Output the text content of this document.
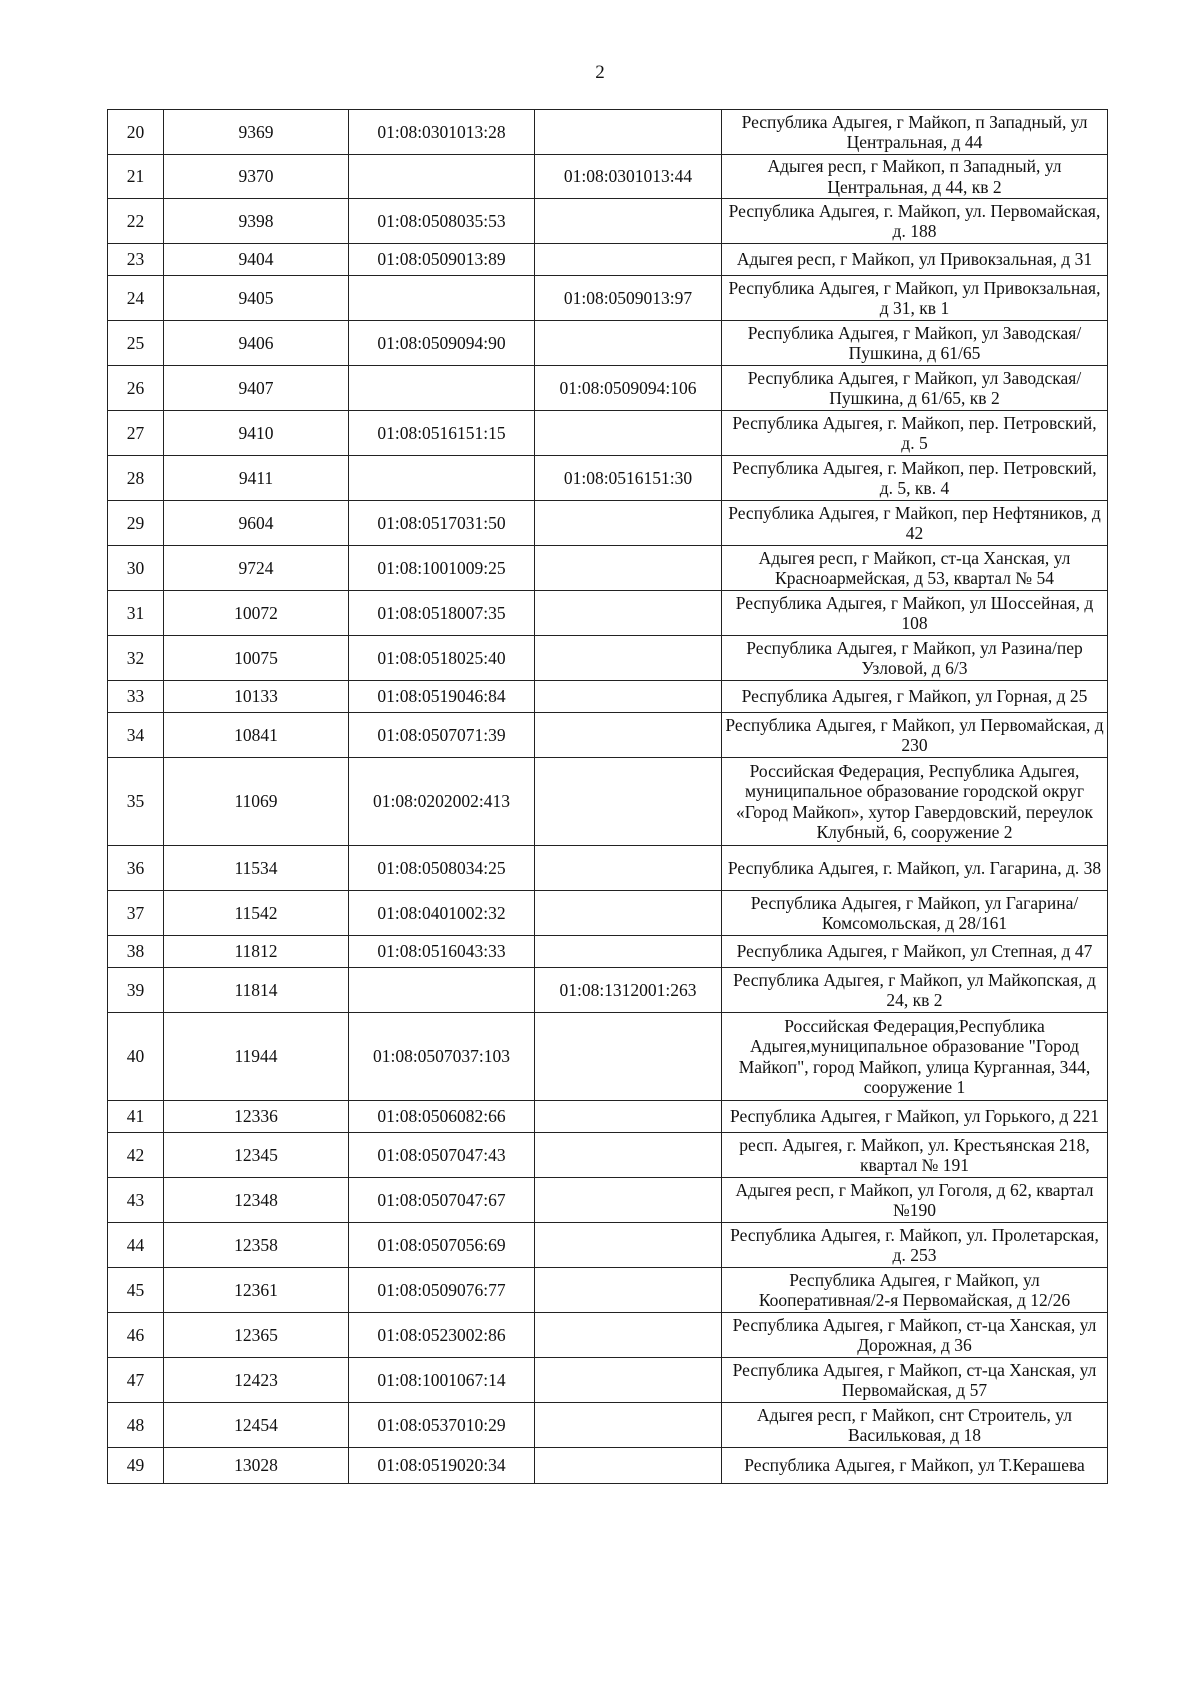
2
20	9369	01:08:0301013:28		Республика Адыгея, г Майкоп, п Западный, ул Центральная, д 44
21	9370		01:08:0301013:44	Адыгея респ, г Майкоп, п Западный, ул Центральная, д 44, кв 2
22	9398	01:08:0508035:53		Республика Адыгея, г. Майкоп, ул. Первомайская, д. 188
23	9404	01:08:0509013:89		Адыгея респ, г Майкоп, ул Привокзальная, д 31
24	9405		01:08:0509013:97	Республика Адыгея, г Майкоп, ул Привокзальная, д 31, кв 1
25	9406	01:08:0509094:90		Республика Адыгея, г Майкоп, ул Заводская/Пушкина, д 61/65
26	9407		01:08:0509094:106	Республика Адыгея, г Майкоп, ул Заводская/Пушкина, д 61/65, кв 2
27	9410	01:08:0516151:15		Республика Адыгея, г. Майкоп, пер. Петровский, д. 5
28	9411		01:08:0516151:30	Республика Адыгея, г. Майкоп, пер. Петровский, д. 5, кв. 4
29	9604	01:08:0517031:50		Республика Адыгея, г Майкоп, пер Нефтяников, д 42
30	9724	01:08:1001009:25		Адыгея респ, г Майкоп, ст-ца Ханская, ул Красноармейская, д 53, квартал № 54
31	10072	01:08:0518007:35		Республика Адыгея, г Майкоп, ул Шоссейная, д 108
32	10075	01:08:0518025:40		Республика Адыгея, г Майкоп, ул Разина/пер Узловой, д 6/3
33	10133	01:08:0519046:84		Республика Адыгея, г Майкоп, ул Горная, д 25
34	10841	01:08:0507071:39		Республика Адыгея, г Майкоп, ул Первомайская, д 230
35	11069	01:08:0202002:413		Российская Федерация, Республика Адыгея, муниципальное образование городской округ «Город Майкоп», хутор Гавердовский, переулок Клубный, 6, сооружение 2
36	11534	01:08:0508034:25		Республика Адыгея, г. Майкоп, ул. Гагарина, д. 38
37	11542	01:08:0401002:32		Республика Адыгея, г Майкоп, ул Гагарина/Комсомольская, д 28/161
38	11812	01:08:0516043:33		Республика Адыгея, г Майкоп, ул Степная, д 47
39	11814		01:08:1312001:263	Республика Адыгея, г Майкоп, ул Майкопская, д 24, кв 2
40	11944	01:08:0507037:103		Российская Федерация,Республика Адыгея,муниципальное образование "Город Майкоп", город Майкоп, улица Курганная, 344, сооружение 1
41	12336	01:08:0506082:66		Республика Адыгея, г Майкоп, ул Горького, д 221
42	12345	01:08:0507047:43		респ. Адыгея, г. Майкоп, ул. Крестьянская 218, квартал № 191
43	12348	01:08:0507047:67		Адыгея респ, г Майкоп, ул Гоголя, д 62, квартал №190
44	12358	01:08:0507056:69		Республика Адыгея, г. Майкоп, ул. Пролетарская, д. 253
45	12361	01:08:0509076:77		Республика Адыгея, г Майкоп, ул Кооперативная/2-я Первомайская, д 12/26
46	12365	01:08:0523002:86		Республика Адыгея, г Майкоп, ст-ца Ханская, ул Дорожная, д 36
47	12423	01:08:1001067:14		Республика Адыгея, г Майкоп, ст-ца Ханская, ул Первомайская, д 57
48	12454	01:08:0537010:29		Адыгея респ, г Майкоп, снт Строитель, ул Васильковая, д 18
49	13028	01:08:0519020:34		Республика Адыгея, г Майкоп, ул Т.Керашева
